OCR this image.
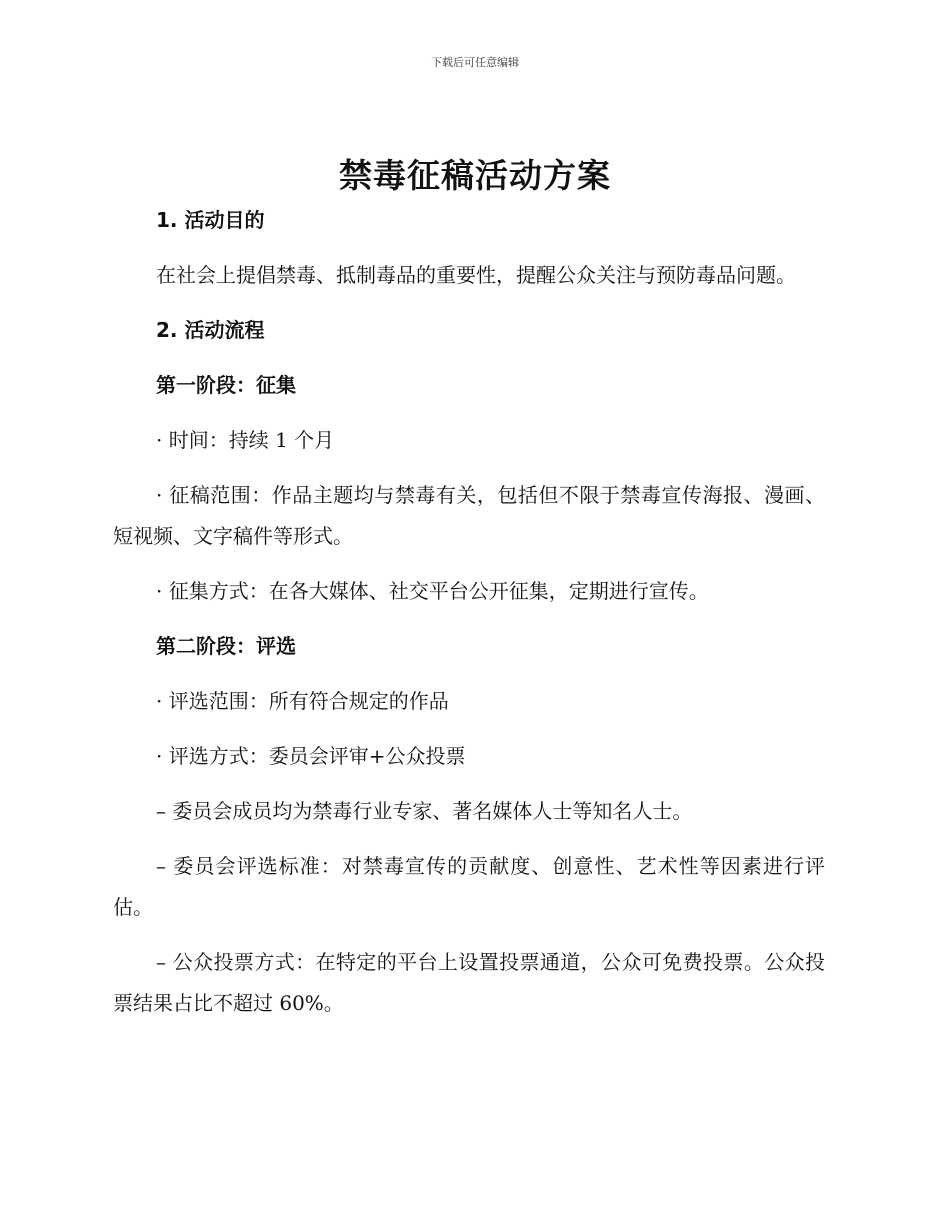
下载后可任意编辑
禁毒征稿活动方案

1. 活动目的

在社会上提倡禁毒、抵制毒品的重要性，提醒公众关注与预防毒品问题。

2. 活动流程

第一阶段：征集

· 时间：持续 1 个月

· 征稿范围：作品主题均与禁毒有关，包括但不限于禁毒宣传海报、漫画、短视频、文字稿件等形式。

· 征集方式：在各大媒体、社交平台公开征集，定期进行宣传。

第二阶段：评选

· 评选范围：所有符合规定的作品

· 评选方式：委员会评审+公众投票

– 委员会成员均为禁毒行业专家、著名媒体人士等知名人士。

– 委员会评选标准：对禁毒宣传的贡献度、创意性、艺术性等因素进行评估。

– 公众投票方式：在特定的平台上设置投票通道，公众可免费投票。公众投票结果占比不超过 60%。
